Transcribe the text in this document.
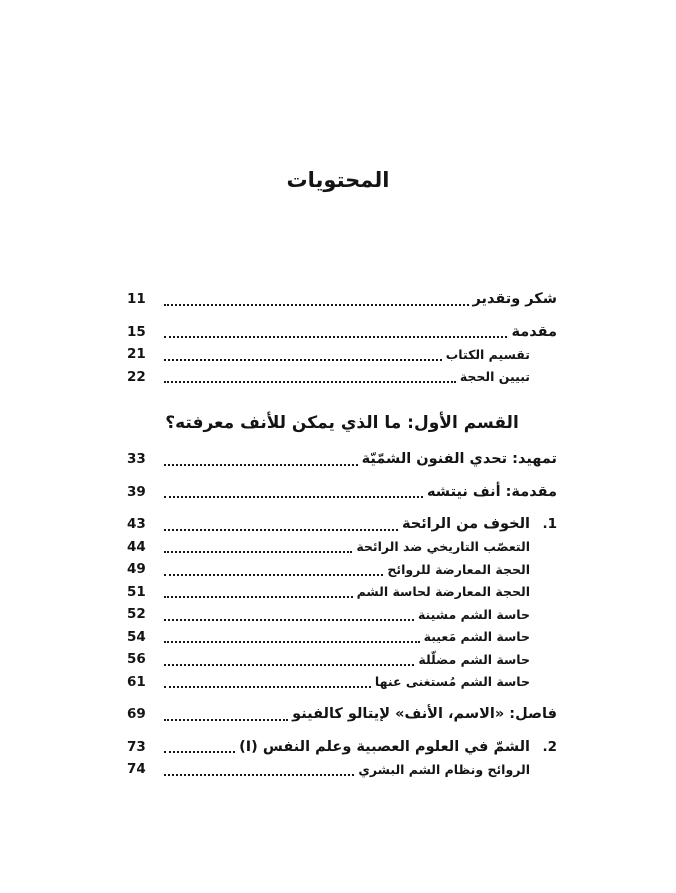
المحتويات
شكر وتقدير
11
مقدمة
15
تقسيم الكتاب
21
تبيين الحجة
22
القسم الأول: ما الذي يمكن للأنف معرفته؟
تمهيد: تحدي الفنون الشمّيّة
33
مقدمة: أنف نيتشه
39
1.
الخوف من الرائحة
43
التعصّب التاريخي ضد الرائحة
44
الحجة المعارضة للروائح
49
الحجة المعارضة لحاسة الشم
51
حاسة الشم مشينة
52
حاسة الشم مَعيبة
54
حاسة الشم مضلّلة
56
حاسة الشم مُستغنى عنها
61
فاصل: «الاسم، الأنف» لإيتالو كالفينو
69
2.
الشمّ في العلوم العصبية وعلم النفس (I)
73
الروائح ونظام الشم البشري
74
